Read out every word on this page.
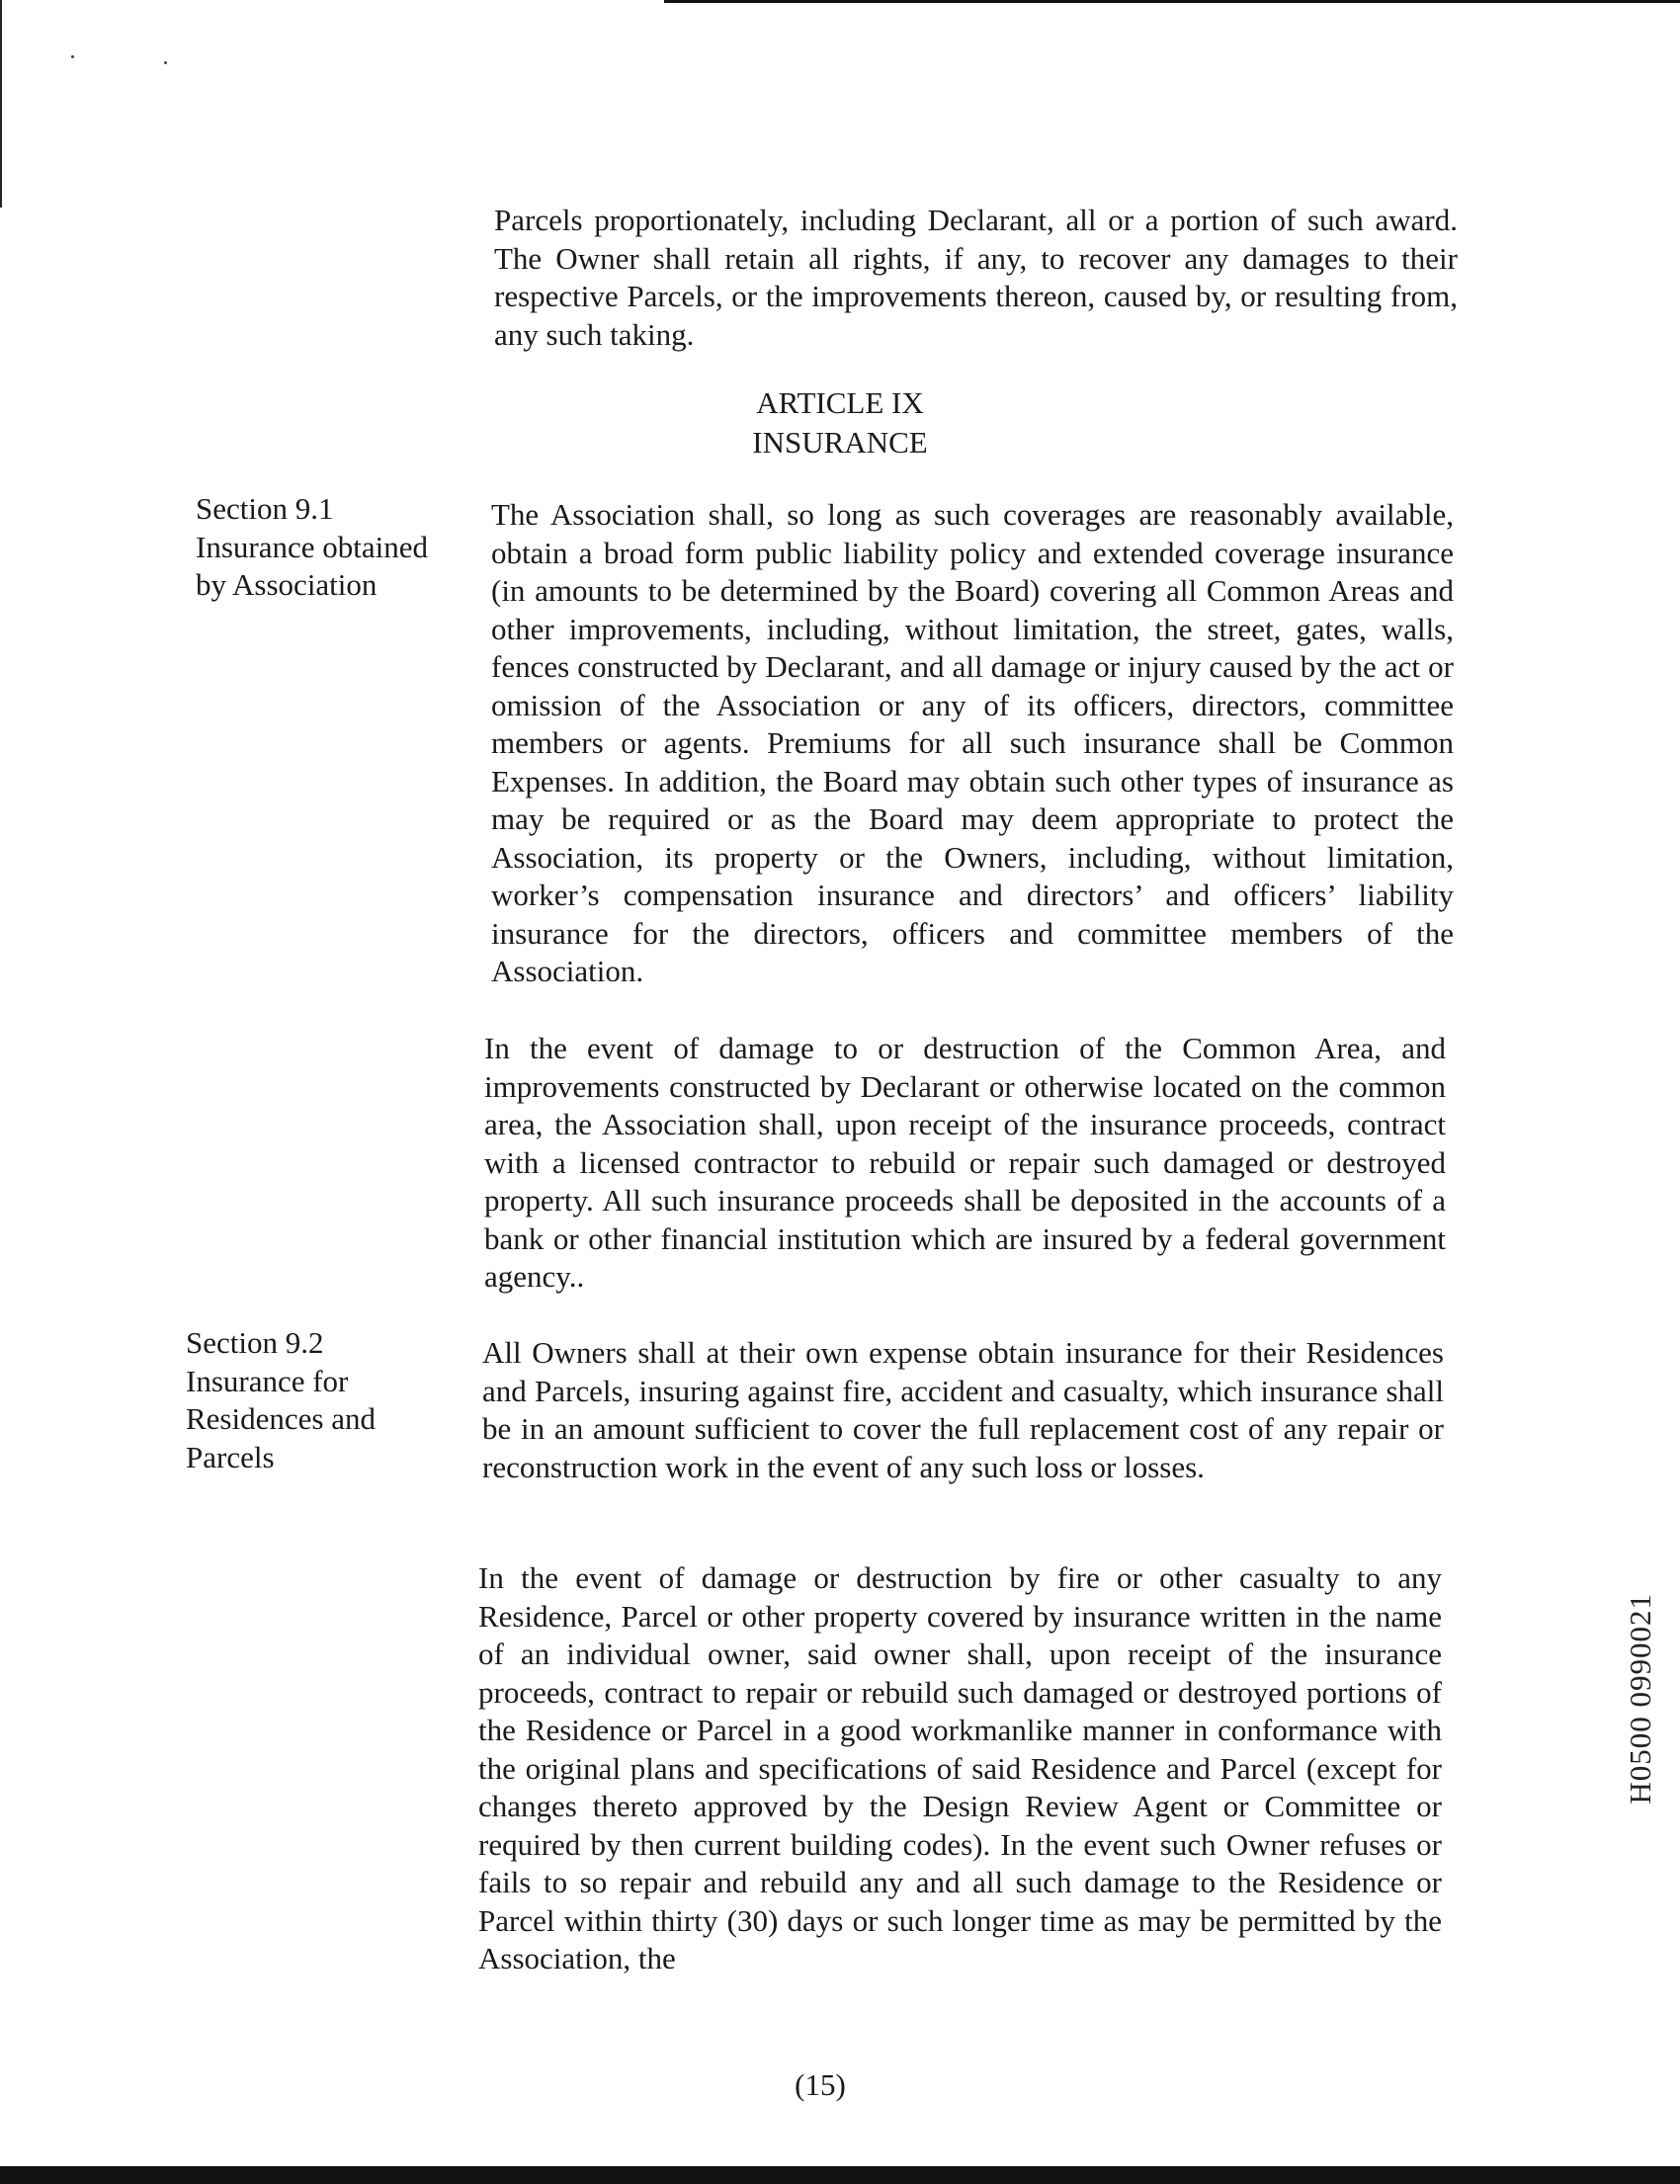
Parcels proportionately, including Declarant, all or a portion of such award. The Owner shall retain all rights, if any, to recover any damages to their respective Parcels, or the improvements thereon, caused by, or resulting from, any such taking.

ARTICLE IX
INSURANCE
Section 9.1
Insurance obtained
by Association

The Association shall, so long as such coverages are reasonably available, obtain a broad form public liability policy and extended coverage insurance (in amounts to be determined by the Board) covering all Common Areas and other improvements, including, without limitation, the street, gates, walls, fences constructed by Declarant, and all damage or injury caused by the act or omission of the Association or any of its officers, directors, committee members or agents. Premiums for all such insurance shall be Common Expenses. In addition, the Board may obtain such other types of insurance as may be required or as the Board may deem appropriate to protect the Association, its property or the Owners, including, without limitation, worker’s compensation insurance and directors’ and officers’ liability insurance for the directors, officers and committee members of the Association.

In the event of damage to or destruction of the Common Area, and improvements constructed by Declarant or otherwise located on the common area, the Association shall, upon receipt of the insurance proceeds, contract with a licensed contractor to rebuild or repair such damaged or destroyed property. All such insurance proceeds shall be deposited in the accounts of a bank or other financial institution which are insured by a federal government agency..

Section 9.2
Insurance for
Residences and
Parcels

All Owners shall at their own expense obtain insurance for their Residences and Parcels, insuring against fire, accident and casualty, which insurance shall be in an amount sufficient to cover the full replacement cost of any repair or reconstruction work in the event of any such loss or losses.

In the event of damage or destruction by fire or other casualty to any Residence, Parcel or other property covered by insurance written in the name of an individual owner, said owner shall, upon receipt of the insurance proceeds, contract to repair or rebuild such damaged or destroyed portions of the Residence or Parcel in a good workmanlike manner in conformance with the original plans and specifications of said Residence and Parcel (except for changes thereto approved by the Design Review Agent or Committee or required by then current building codes). In the event such Owner refuses or fails to so repair and rebuild any and all such damage to the Residence or Parcel within thirty (30) days or such longer time as may be permitted by the Association, the

(15)
H0500 0990021
